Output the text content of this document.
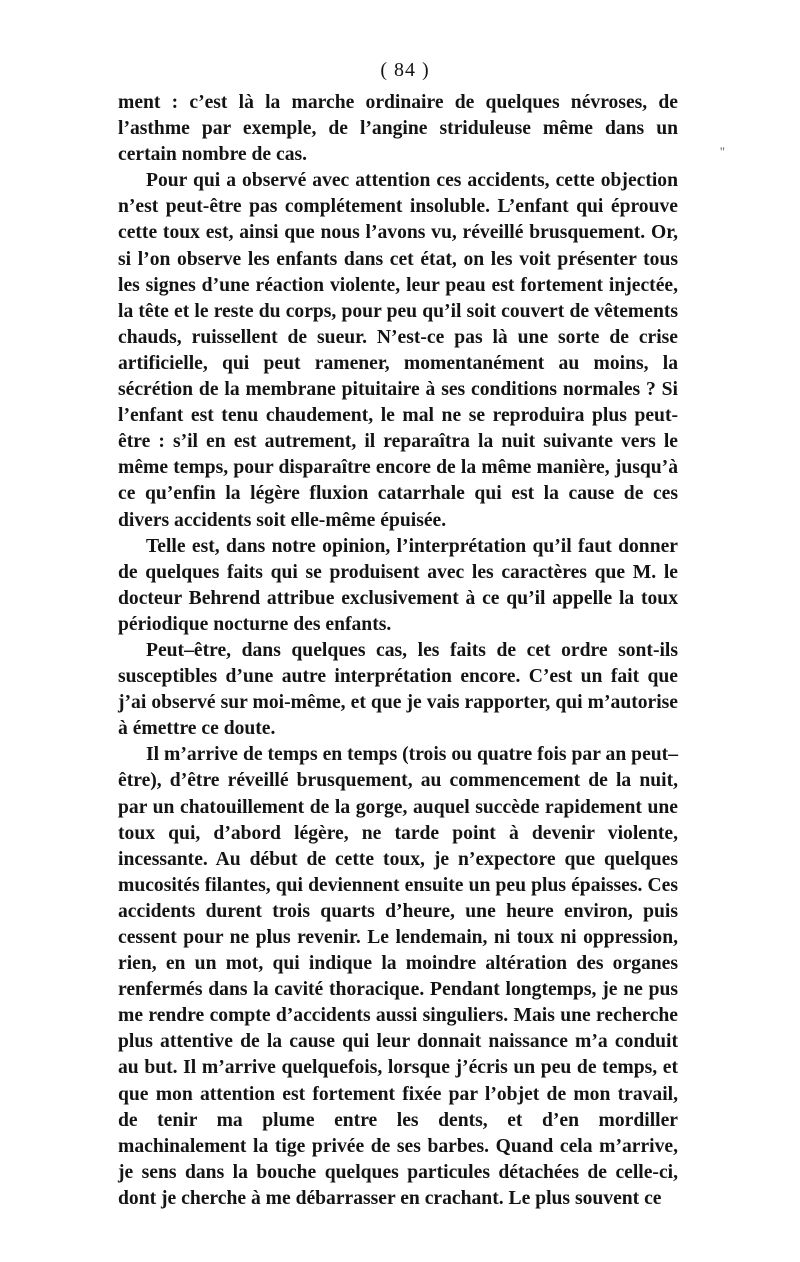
( 84 )

ment : c’est là la marche ordinaire de quelques névroses, de l’asthme par exemple, de l’angine striduleuse même dans un certain nombre de cas.

Pour qui a observé avec attention ces accidents, cette objection n’est peut-être pas complétement insoluble. L’enfant qui éprouve cette toux est, ainsi que nous l’avons vu, réveillé brusquement. Or, si l’on observe les enfants dans cet état, on les voit présenter tous les signes d’une réaction violente, leur peau est fortement injectée, la tête et le reste du corps, pour peu qu’il soit couvert de vêtements chauds, ruissellent de sueur. N’est-ce pas là une sorte de crise artificielle, qui peut ramener, momentanément au moins, la sécrétion de la membrane pituitaire à ses conditions normales ? Si l’enfant est tenu chaudement, le mal ne se reproduira plus peut-être : s’il en est autrement, il reparaîtra la nuit suivante vers le même temps, pour disparaître encore de la même manière, jusqu’à ce qu’enfin la légère fluxion catarrhale qui est la cause de ces divers accidents soit elle-même épuisée.

Telle est, dans notre opinion, l’interprétation qu’il faut donner de quelques faits qui se produisent avec les caractères que M. le docteur Behrend attribue exclusivement à ce qu’il appelle la toux périodique nocturne des enfants.

Peut–être, dans quelques cas, les faits de cet ordre sont-ils susceptibles d’une autre interprétation encore. C’est un fait que j’ai observé sur moi-même, et que je vais rapporter, qui m’autorise à émettre ce doute.

Il m’arrive de temps en temps (trois ou quatre fois par an peut–être), d’être réveillé brusquement, au commencement de la nuit, par un chatouillement de la gorge, auquel succède rapidement une toux qui, d’abord légère, ne tarde point à devenir violente, incessante. Au début de cette toux, je n’expectore que quelques mucosités filantes, qui deviennent ensuite un peu plus épaisses. Ces accidents durent trois quarts d’heure, une heure environ, puis cessent pour ne plus revenir. Le lendemain, ni toux ni oppression, rien, en un mot, qui indique la moindre altération des organes renfermés dans la cavité thoracique. Pendant longtemps, je ne pus me rendre compte d’accidents aussi singuliers. Mais une recherche plus attentive de la cause qui leur donnait naissance m’a conduit au but. Il m’arrive quelquefois, lorsque j’écris un peu de temps, et que mon attention est fortement fixée par l’objet de mon travail, de tenir ma plume entre les dents, et d’en mordiller machinalement la tige privée de ses barbes. Quand cela m’arrive, je sens dans la bouche quelques particules détachées de celle-ci, dont je cherche à me débarrasser en crachant. Le plus souvent ce

"
